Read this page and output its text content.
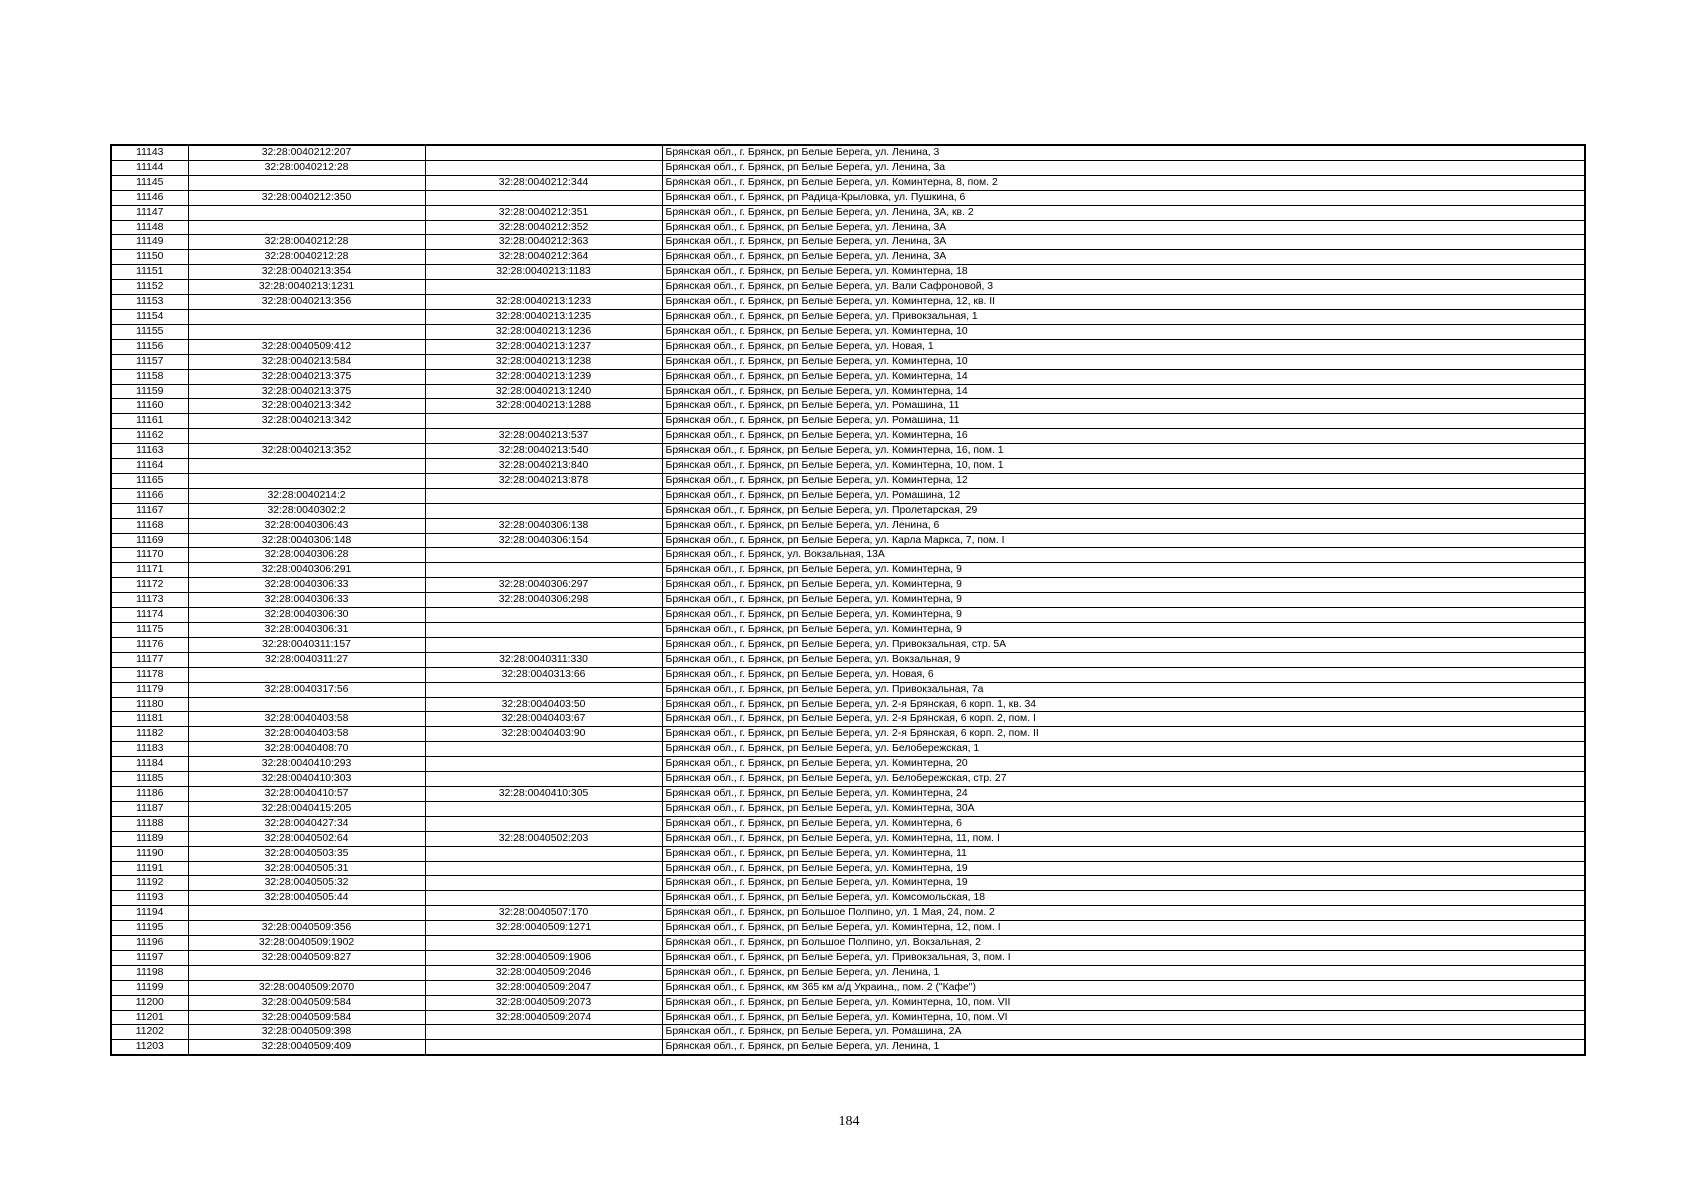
11143	32:28:0040212:207		Брянская обл., г. Брянск, рп Белые Берега, ул. Ленина, 3
11144	32:28:0040212:28		Брянская обл., г. Брянск, рп Белые Берега, ул. Ленина, 3а
11145		32:28:0040212:344	Брянская обл., г. Брянск, рп Белые Берега, ул. Коминтерна, 8, пом. 2
11146	32:28:0040212:350		Брянская обл., г. Брянск, рп Радица-Крыловка, ул. Пушкина, 6
11147		32:28:0040212:351	Брянская обл., г. Брянск, рп Белые Берега, ул. Ленина, 3А, кв. 2
11148		32:28:0040212:352	Брянская обл., г. Брянск, рп Белые Берега, ул. Ленина, 3А
11149	32:28:0040212:28	32:28:0040212:363	Брянская обл., г. Брянск, рп Белые Берега, ул. Ленина, 3А
11150	32:28:0040212:28	32:28:0040212:364	Брянская обл., г. Брянск, рп Белые Берега, ул. Ленина, 3А
11151	32:28:0040213:354	32:28:0040213:1183	Брянская обл., г. Брянск, рп Белые Берега, ул. Коминтерна, 18
11152	32:28:0040213:1231		Брянская обл., г. Брянск, рп Белые Берега, ул. Вали Сафроновой, 3
11153	32:28:0040213:356	32:28:0040213:1233	Брянская обл., г. Брянск, рп Белые Берега, ул. Коминтерна, 12, кв. II
11154		32:28:0040213:1235	Брянская обл., г. Брянск, рп Белые Берега, ул. Привокзальная, 1
11155		32:28:0040213:1236	Брянская обл., г. Брянск, рп Белые Берега, ул. Коминтерна, 10
11156	32:28:0040509:412	32:28:0040213:1237	Брянская обл., г. Брянск, рп Белые Берега, ул. Новая, 1
11157	32:28:0040213:584	32:28:0040213:1238	Брянская обл., г. Брянск, рп Белые Берега, ул. Коминтерна, 10
11158	32:28:0040213:375	32:28:0040213:1239	Брянская обл., г. Брянск, рп Белые Берега, ул. Коминтерна, 14
11159	32:28:0040213:375	32:28:0040213:1240	Брянская обл., г. Брянск, рп Белые Берега, ул. Коминтерна, 14
11160	32:28:0040213:342	32:28:0040213:1288	Брянская обл., г. Брянск, рп Белые Берега, ул. Ромашина, 11
11161	32:28:0040213:342		Брянская обл., г. Брянск, рп Белые Берега, ул. Ромашина, 11
11162		32:28:0040213:537	Брянская обл., г. Брянск, рп Белые Берега, ул. Коминтерна, 16
11163	32:28:0040213:352	32:28:0040213:540	Брянская обл., г. Брянск, рп Белые Берега, ул. Коминтерна, 16, пом. 1
11164		32:28:0040213:840	Брянская обл., г. Брянск, рп Белые Берега, ул. Коминтерна, 10, пом. 1
11165		32:28:0040213:878	Брянская обл., г. Брянск, рп Белые Берега, ул. Коминтерна, 12
11166	32:28:0040214:2		Брянская обл., г. Брянск, рп Белые Берега, ул. Ромашина, 12
11167	32:28:0040302:2		Брянская обл., г. Брянск, рп Белые Берега, ул. Пролетарская, 29
11168	32:28:0040306:43	32:28:0040306:138	Брянская обл., г. Брянск, рп Белые Берега, ул. Ленина, 6
11169	32:28:0040306:148	32:28:0040306:154	Брянская обл., г. Брянск, рп Белые Берега, ул. Карла Маркса, 7, пом. I
11170	32:28:0040306:28		Брянская обл., г. Брянск, ул. Вокзальная, 13А
11171	32:28:0040306:291		Брянская обл., г. Брянск, рп Белые Берега, ул. Коминтерна, 9
11172	32:28:0040306:33	32:28:0040306:297	Брянская обл., г. Брянск, рп Белые Берега, ул. Коминтерна, 9
11173	32:28:0040306:33	32:28:0040306:298	Брянская обл., г. Брянск, рп Белые Берега, ул. Коминтерна, 9
11174	32:28:0040306:30		Брянская обл., г. Брянск, рп Белые Берега, ул. Коминтерна, 9
11175	32:28:0040306:31		Брянская обл., г. Брянск, рп Белые Берега, ул. Коминтерна, 9
11176	32:28:0040311:157		Брянская обл., г. Брянск, рп Белые Берега, ул. Привокзальная, стр. 5А
11177	32:28:0040311:27	32:28:0040311:330	Брянская обл., г. Брянск, рп Белые Берега, ул. Вокзальная, 9
11178		32:28:0040313:66	Брянская обл., г. Брянск, рп Белые Берега, ул. Новая, 6
11179	32:28:0040317:56		Брянская обл., г. Брянск, рп Белые Берега, ул. Привокзальная, 7а
11180		32:28:0040403:50	Брянская обл., г. Брянск, рп Белые Берега, ул. 2-я Брянская, 6 корп. 1, кв. 34
11181	32:28:0040403:58	32:28:0040403:67	Брянская обл., г. Брянск, рп Белые Берега, ул. 2-я Брянская, 6 корп. 2, пом. I
11182	32:28:0040403:58	32:28:0040403:90	Брянская обл., г. Брянск, рп Белые Берега, ул. 2-я Брянская, 6 корп. 2, пом. II
11183	32:28:0040408:70		Брянская обл., г. Брянск, рп Белые Берега, ул. Белобережская, 1
11184	32:28:0040410:293		Брянская обл., г. Брянск, рп Белые Берега, ул. Коминтерна, 20
11185	32:28:0040410:303		Брянская обл., г. Брянск, рп Белые Берега, ул. Белобережская, стр. 27
11186	32:28:0040410:57	32:28:0040410:305	Брянская обл., г. Брянск, рп Белые Берега, ул. Коминтерна, 24
11187	32:28:0040415:205		Брянская обл., г. Брянск, рп Белые Берега, ул. Коминтерна, 30А
11188	32:28:0040427:34		Брянская обл., г. Брянск, рп Белые Берега, ул. Коминтерна, 6
11189	32:28:0040502:64	32:28:0040502:203	Брянская обл., г. Брянск, рп Белые Берега, ул. Коминтерна, 11, пом. I
11190	32:28:0040503:35		Брянская обл., г. Брянск, рп Белые Берега, ул. Коминтерна, 11
11191	32:28:0040505:31		Брянская обл., г. Брянск, рп Белые Берега, ул. Коминтерна, 19
11192	32:28:0040505:32		Брянская обл., г. Брянск, рп Белые Берега, ул. Коминтерна, 19
11193	32:28:0040505:44		Брянская обл., г. Брянск, рп Белые Берега, ул. Комсомольская, 18
11194		32:28:0040507:170	Брянская обл., г. Брянск, рп Большое Полпино, ул. 1 Мая, 24, пом. 2
11195	32:28:0040509:356	32:28:0040509:1271	Брянская обл., г. Брянск, рп Белые Берега, ул. Коминтерна, 12, пом. I
11196	32:28:0040509:1902		Брянская обл., г. Брянск, рп Большое Полпино, ул. Вокзальная, 2
11197	32:28:0040509:827	32:28:0040509:1906	Брянская обл., г. Брянск, рп Белые Берега, ул. Привокзальная, 3, пом. I
11198		32:28:0040509:2046	Брянская обл., г. Брянск, рп Белые Берега, ул. Ленина, 1
11199	32:28:0040509:2070	32:28:0040509:2047	Брянская обл., г. Брянск, км 365 км а/д Украина,, пом. 2 ("Кафе")
11200	32:28:0040509:584	32:28:0040509:2073	Брянская обл., г. Брянск, рп Белые Берега, ул. Коминтерна, 10, пом. VII
11201	32:28:0040509:584	32:28:0040509:2074	Брянская обл., г. Брянск, рп Белые Берега, ул. Коминтерна, 10, пом. VI
11202	32:28:0040509:398		Брянская обл., г. Брянск, рп Белые Берега, ул. Ромашина, 2А
11203	32:28:0040509:409		Брянская обл., г. Брянск, рп Белые Берега, ул. Ленина, 1
184
